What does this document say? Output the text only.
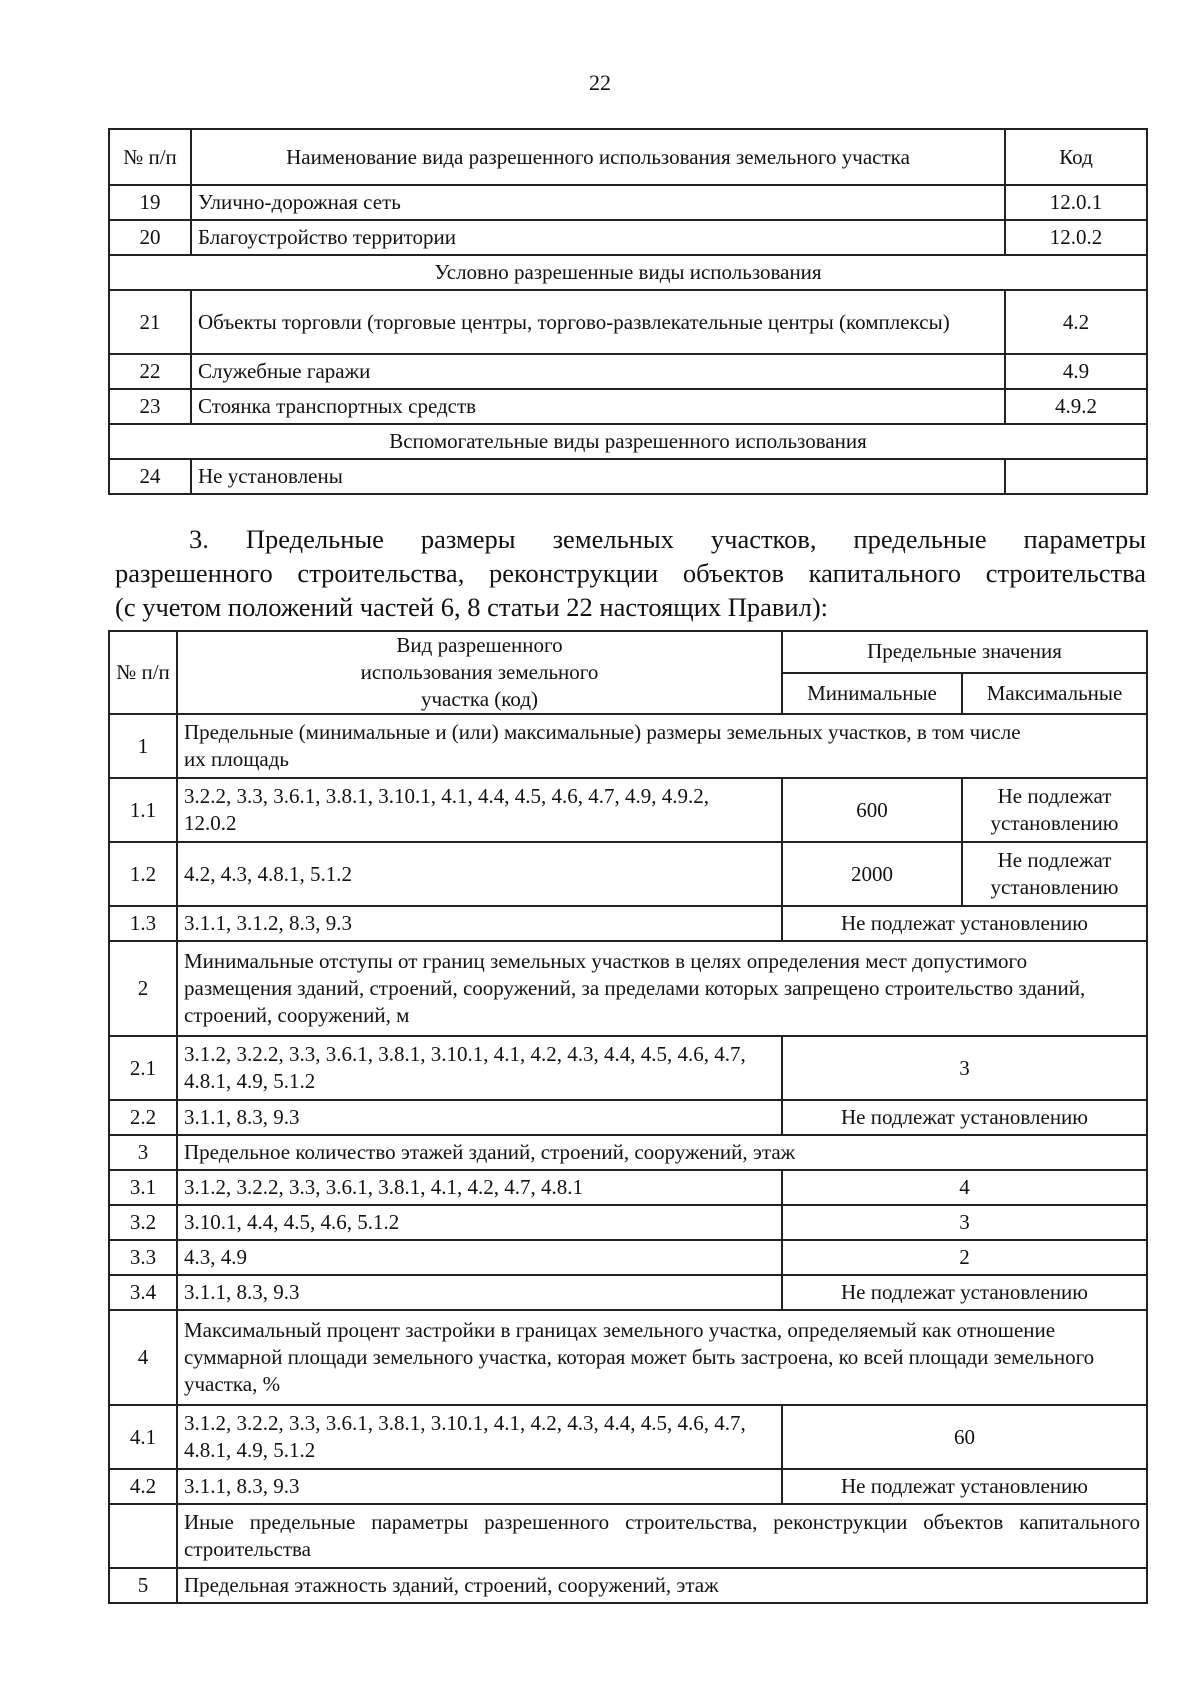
22
№ п/п	Наименование вида разрешенного использования земельного участка	Код
19	Улично-дорожная сеть	12.0.1
20	Благоустройство территории	12.0.2
Условно разрешенные виды использования		
21	Объекты торговли (торговые центры, торгово-развлекательные центры (комплексы)	4.2
22	Служебные гаражи	4.9
23	Стоянка транспортных средств	4.9.2
Вспомогательные виды разрешенного использования		
24	Не установлены	
3. Предельные размеры земельных участков, предельные параметры
разрешенного строительства, реконструкции объектов капитального строительства
(с учетом положений частей 6, 8 статьи 22 настоящих Правил):
№ п/п	Вид разрешенного использования земельного участка (код)	Предельные значения	
		Минимальные	Максимальные
1	Предельные (минимальные и (или) максимальные) размеры земельных участков, в том числе их площадь		
1.1	3.2.2, 3.3, 3.6.1, 3.8.1, 3.10.1, 4.1, 4.4, 4.5, 4.6, 4.7, 4.9, 4.9.2, 12.0.2	600	Не подлежат установлению
1.2	4.2, 4.3, 4.8.1, 5.1.2	2000	Не подлежат установлению
1.3	3.1.1, 3.1.2, 8.3, 9.3	Не подлежат установлению	
2	Минимальные отступы от границ земельных участков в целях определения мест допустимого размещения зданий, строений, сооружений, за пределами которых запрещено строительство зданий, строений, сооружений, м		
2.1	3.1.2, 3.2.2, 3.3, 3.6.1, 3.8.1, 3.10.1, 4.1, 4.2, 4.3, 4.4, 4.5, 4.6, 4.7, 4.8.1, 4.9, 5.1.2	3	
2.2	3.1.1, 8.3, 9.3	Не подлежат установлению	
3	Предельное количество этажей зданий, строений, сооружений, этаж		
3.1	3.1.2, 3.2.2, 3.3, 3.6.1, 3.8.1, 4.1, 4.2, 4.7, 4.8.1	4	
3.2	3.10.1, 4.4, 4.5, 4.6, 5.1.2	3	
3.3	4.3, 4.9	2	
3.4	3.1.1, 8.3, 9.3	Не подлежат установлению	
4	Максимальный процент застройки в границах земельного участка, определяемый как отношение суммарной площади земельного участка, которая может быть застроена, ко всей площади земельного участка, %		
4.1	3.1.2, 3.2.2, 3.3, 3.6.1, 3.8.1, 3.10.1, 4.1, 4.2, 4.3, 4.4, 4.5, 4.6, 4.7, 4.8.1, 4.9, 5.1.2	60	
4.2	3.1.1, 8.3, 9.3	Не подлежат установлению	
	Иные предельные параметры разрешенного строительства, реконструкции объектов капитального строительства		
5	Предельная этажность зданий, строений, сооружений, этаж		
